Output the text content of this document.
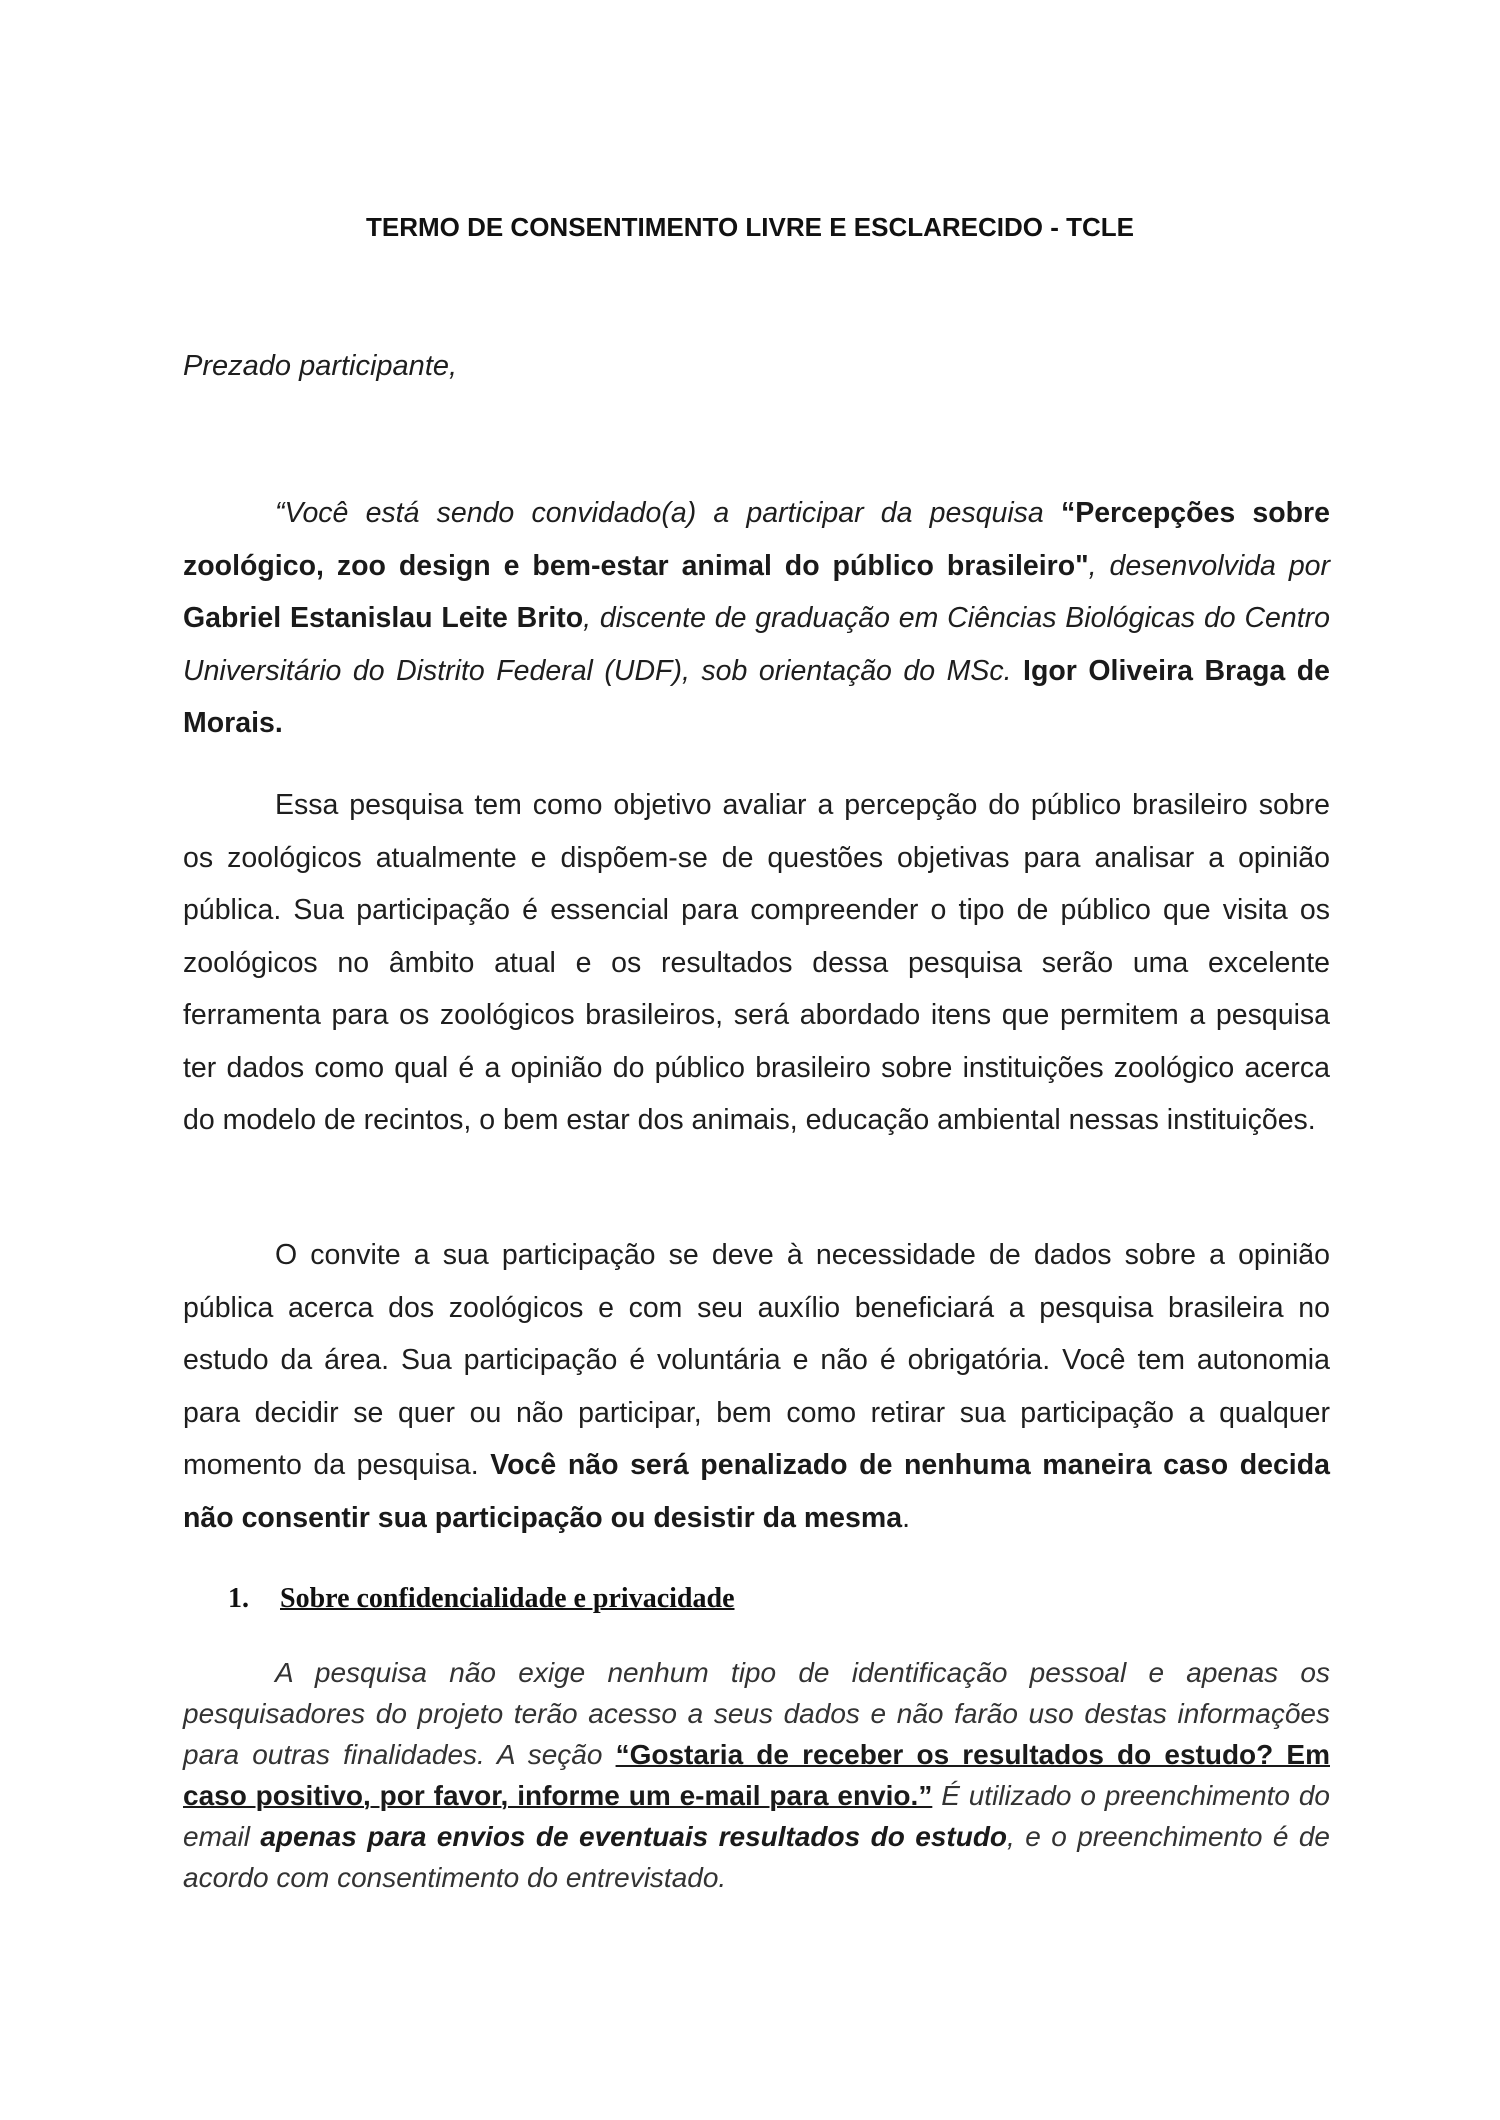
TERMO DE CONSENTIMENTO LIVRE E ESCLARECIDO - TCLE
Prezado participante,
“Você está sendo convidado(a) a participar da pesquisa “Percepções sobre zoológico, zoo design e bem-estar animal do público brasileiro", desenvolvida por Gabriel Estanislau Leite Brito, discente de graduação em Ciências Biológicas do Centro Universitário do Distrito Federal (UDF), sob orientação do MSc. Igor Oliveira Braga de Morais.
Essa pesquisa tem como objetivo avaliar a percepção do público brasileiro sobre os zoológicos atualmente e dispõem-se de questões objetivas para analisar a opinião pública. Sua participação é essencial para compreender o tipo de público que visita os zoológicos no âmbito atual e os resultados dessa pesquisa serão uma excelente ferramenta para os zoológicos brasileiros, será abordado itens que permitem a pesquisa ter dados como qual é a opinião do público brasileiro sobre instituições zoológico acerca do modelo de recintos, o bem estar dos animais, educação ambiental nessas instituições.
O convite a sua participação se deve à necessidade de dados sobre a opinião pública acerca dos zoológicos e com seu auxílio beneficiará a pesquisa brasileira no estudo da área. Sua participação é voluntária e não é obrigatória. Você tem autonomia para decidir se quer ou não participar, bem como retirar sua participação a qualquer momento da pesquisa. Você não será penalizado de nenhuma maneira caso decida não consentir sua participação ou desistir da mesma.
1. Sobre confidencialidade e privacidade
A pesquisa não exige nenhum tipo de identificação pessoal e apenas os pesquisadores do projeto terão acesso a seus dados e não farão uso destas informações para outras finalidades. A seção “Gostaria de receber os resultados do estudo? Em caso positivo, por favor, informe um e-mail para envio.” É utilizado o preenchimento do email apenas para envios de eventuais resultados do estudo, e o preenchimento é de acordo com consentimento do entrevistado.
